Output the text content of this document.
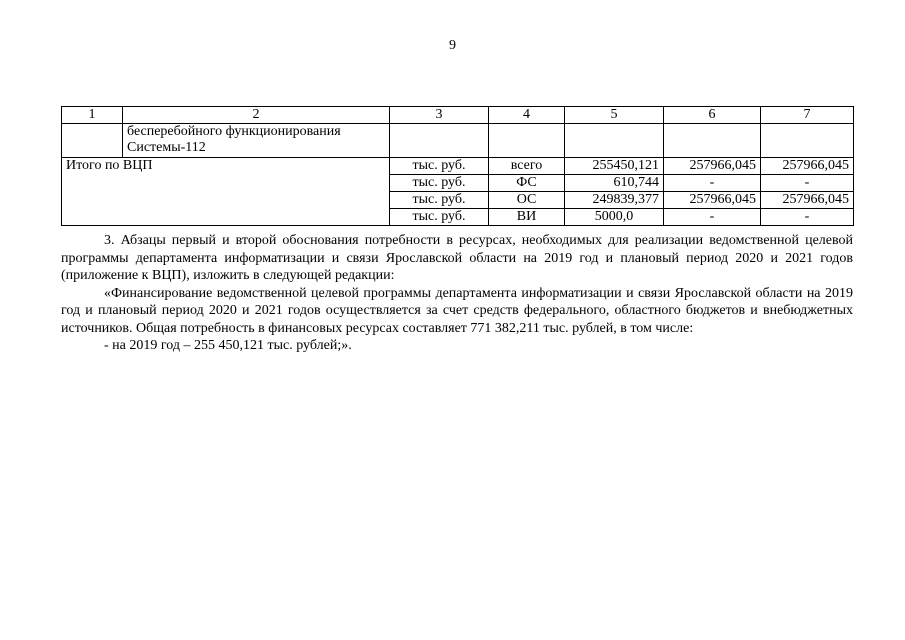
9
1	2	3	4	5	6	7

	бесперебойного функционирования
Системы-112					

Итого по ВЦП		тыс. руб.	всего	255450,121	257966,045	257966,045
		тыс. руб.	ФС	610,744	-	-
		тыс. руб.	ОС	249839,377	257966,045	257966,045
		тыс. руб.	ВИ	5000,0	-	-

3. Абзацы первый и второй обоснования потребности в ресурсах, необходимых для реализации ведомственной целевой программы департамента информатизации и связи Ярославской области на 2019 год и плановый период 2020 и 2021 годов (приложение к ВЦП), изложить в следующей редакции:

«Финансирование ведомственной целевой программы департамента информатизации и связи Ярославской области на 2019 год и плановый период 2020 и 2021 годов осуществляется за счет средств федерального, областного бюджетов и внебюджетных источников. Общая потребность в финансовых ресурсах составляет 771 382,211 тыс. рублей, в том числе:

- на 2019 год – 255 450,121 тыс. рублей;».
